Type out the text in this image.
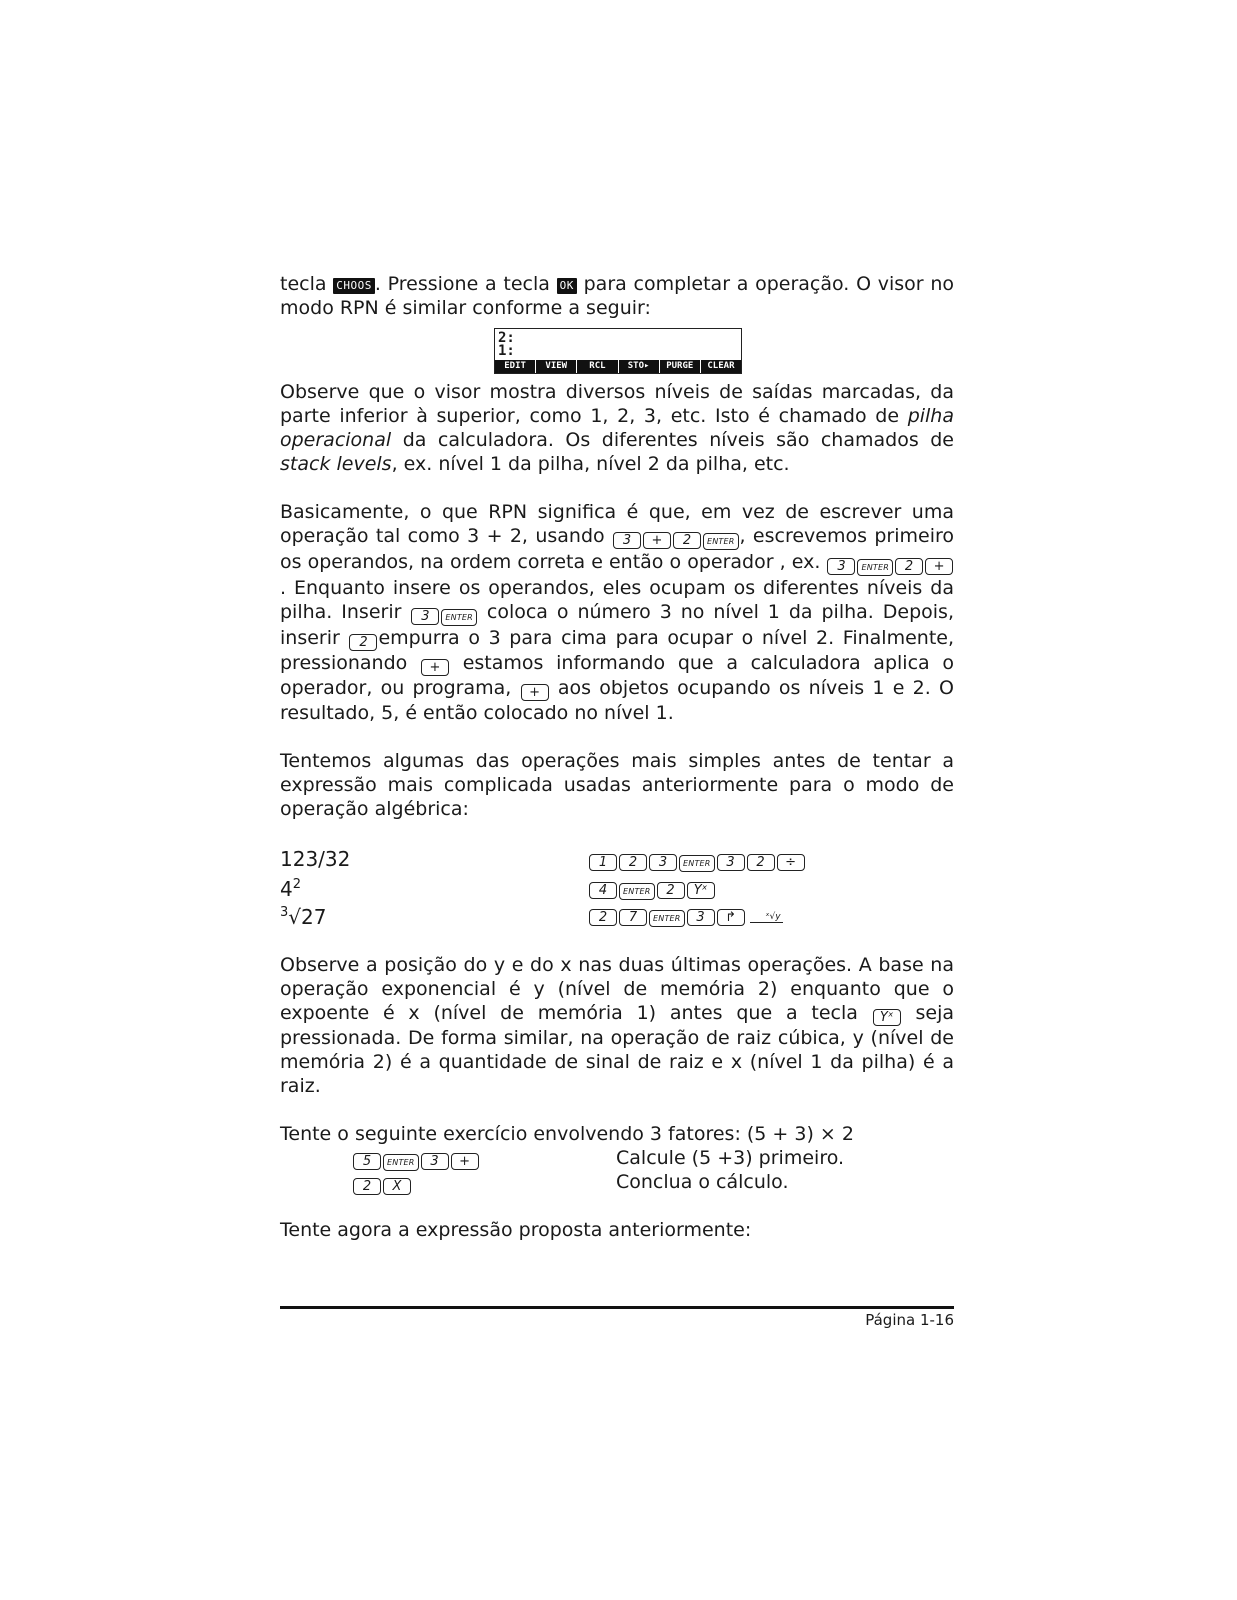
tecla CHOOS . Pressione a tecla OK para completar a operação. O visor no modo RPN é similar conforme a seguir:

2:
1:
EDIT	VIEW	RCL	STO▸	PURGE	CLEAR

Observe que o visor mostra diversos níveis de saídas marcadas, da parte inferior à superior, como 1, 2, 3, etc. Isto é chamado de pilha operacional da calculadora. Os diferentes níveis são chamados de stack levels, ex. nível 1 da pilha, nível 2 da pilha, etc.

Basicamente, o que RPN significa é que, em vez de escrever uma operação tal como 3 + 2, usando 3 + 2 ENTER , escrevemos primeiro os operandos, na ordem correta e então o operador , ex. 3 ENTER 2 +. Enquanto insere os operandos, eles ocupam os diferentes níveis da pilha. Inserir 3 ENTER coloca o número 3 no nível 1 da pilha. Depois, inserir 2 empurra o 3 para cima para ocupar o nível 2. Finalmente, pressionando + estamos informando que a calculadora aplica o operador, ou programa, + aos objetos ocupando os níveis 1 e 2. O resultado, 5, é então colocado no nível 1.

Tentemos algumas das operações mais simples antes de tentar a expressão mais complicada usadas anteriormente para o modo de operação algébrica:

123/32	1 2 3 ENTER 3 2 ÷
$4^2$	4 ENTER 2 Yˣ
$^3$√27	2 7 ENTER 3 ↱	ˣ√y

Observe a posição do y e do x nas duas últimas operações. A base na operação exponencial é y (nível de memória 2) enquanto que o expoente é x (nível de memória 1) antes que a tecla Yˣ seja pressionada. De forma similar, na operação de raiz cúbica, y (nível de memória 2) é a quantidade de sinal de raiz e x (nível 1 da pilha) é a raiz.

Tente o seguinte exercício envolvendo 3 fatores: (5 + 3) × 2

5 ENTER 3 +	Calcule (5 +3) primeiro.
2 X	Conclua o cálculo.

Tente agora a expressão proposta anteriormente:

Página 1-16
